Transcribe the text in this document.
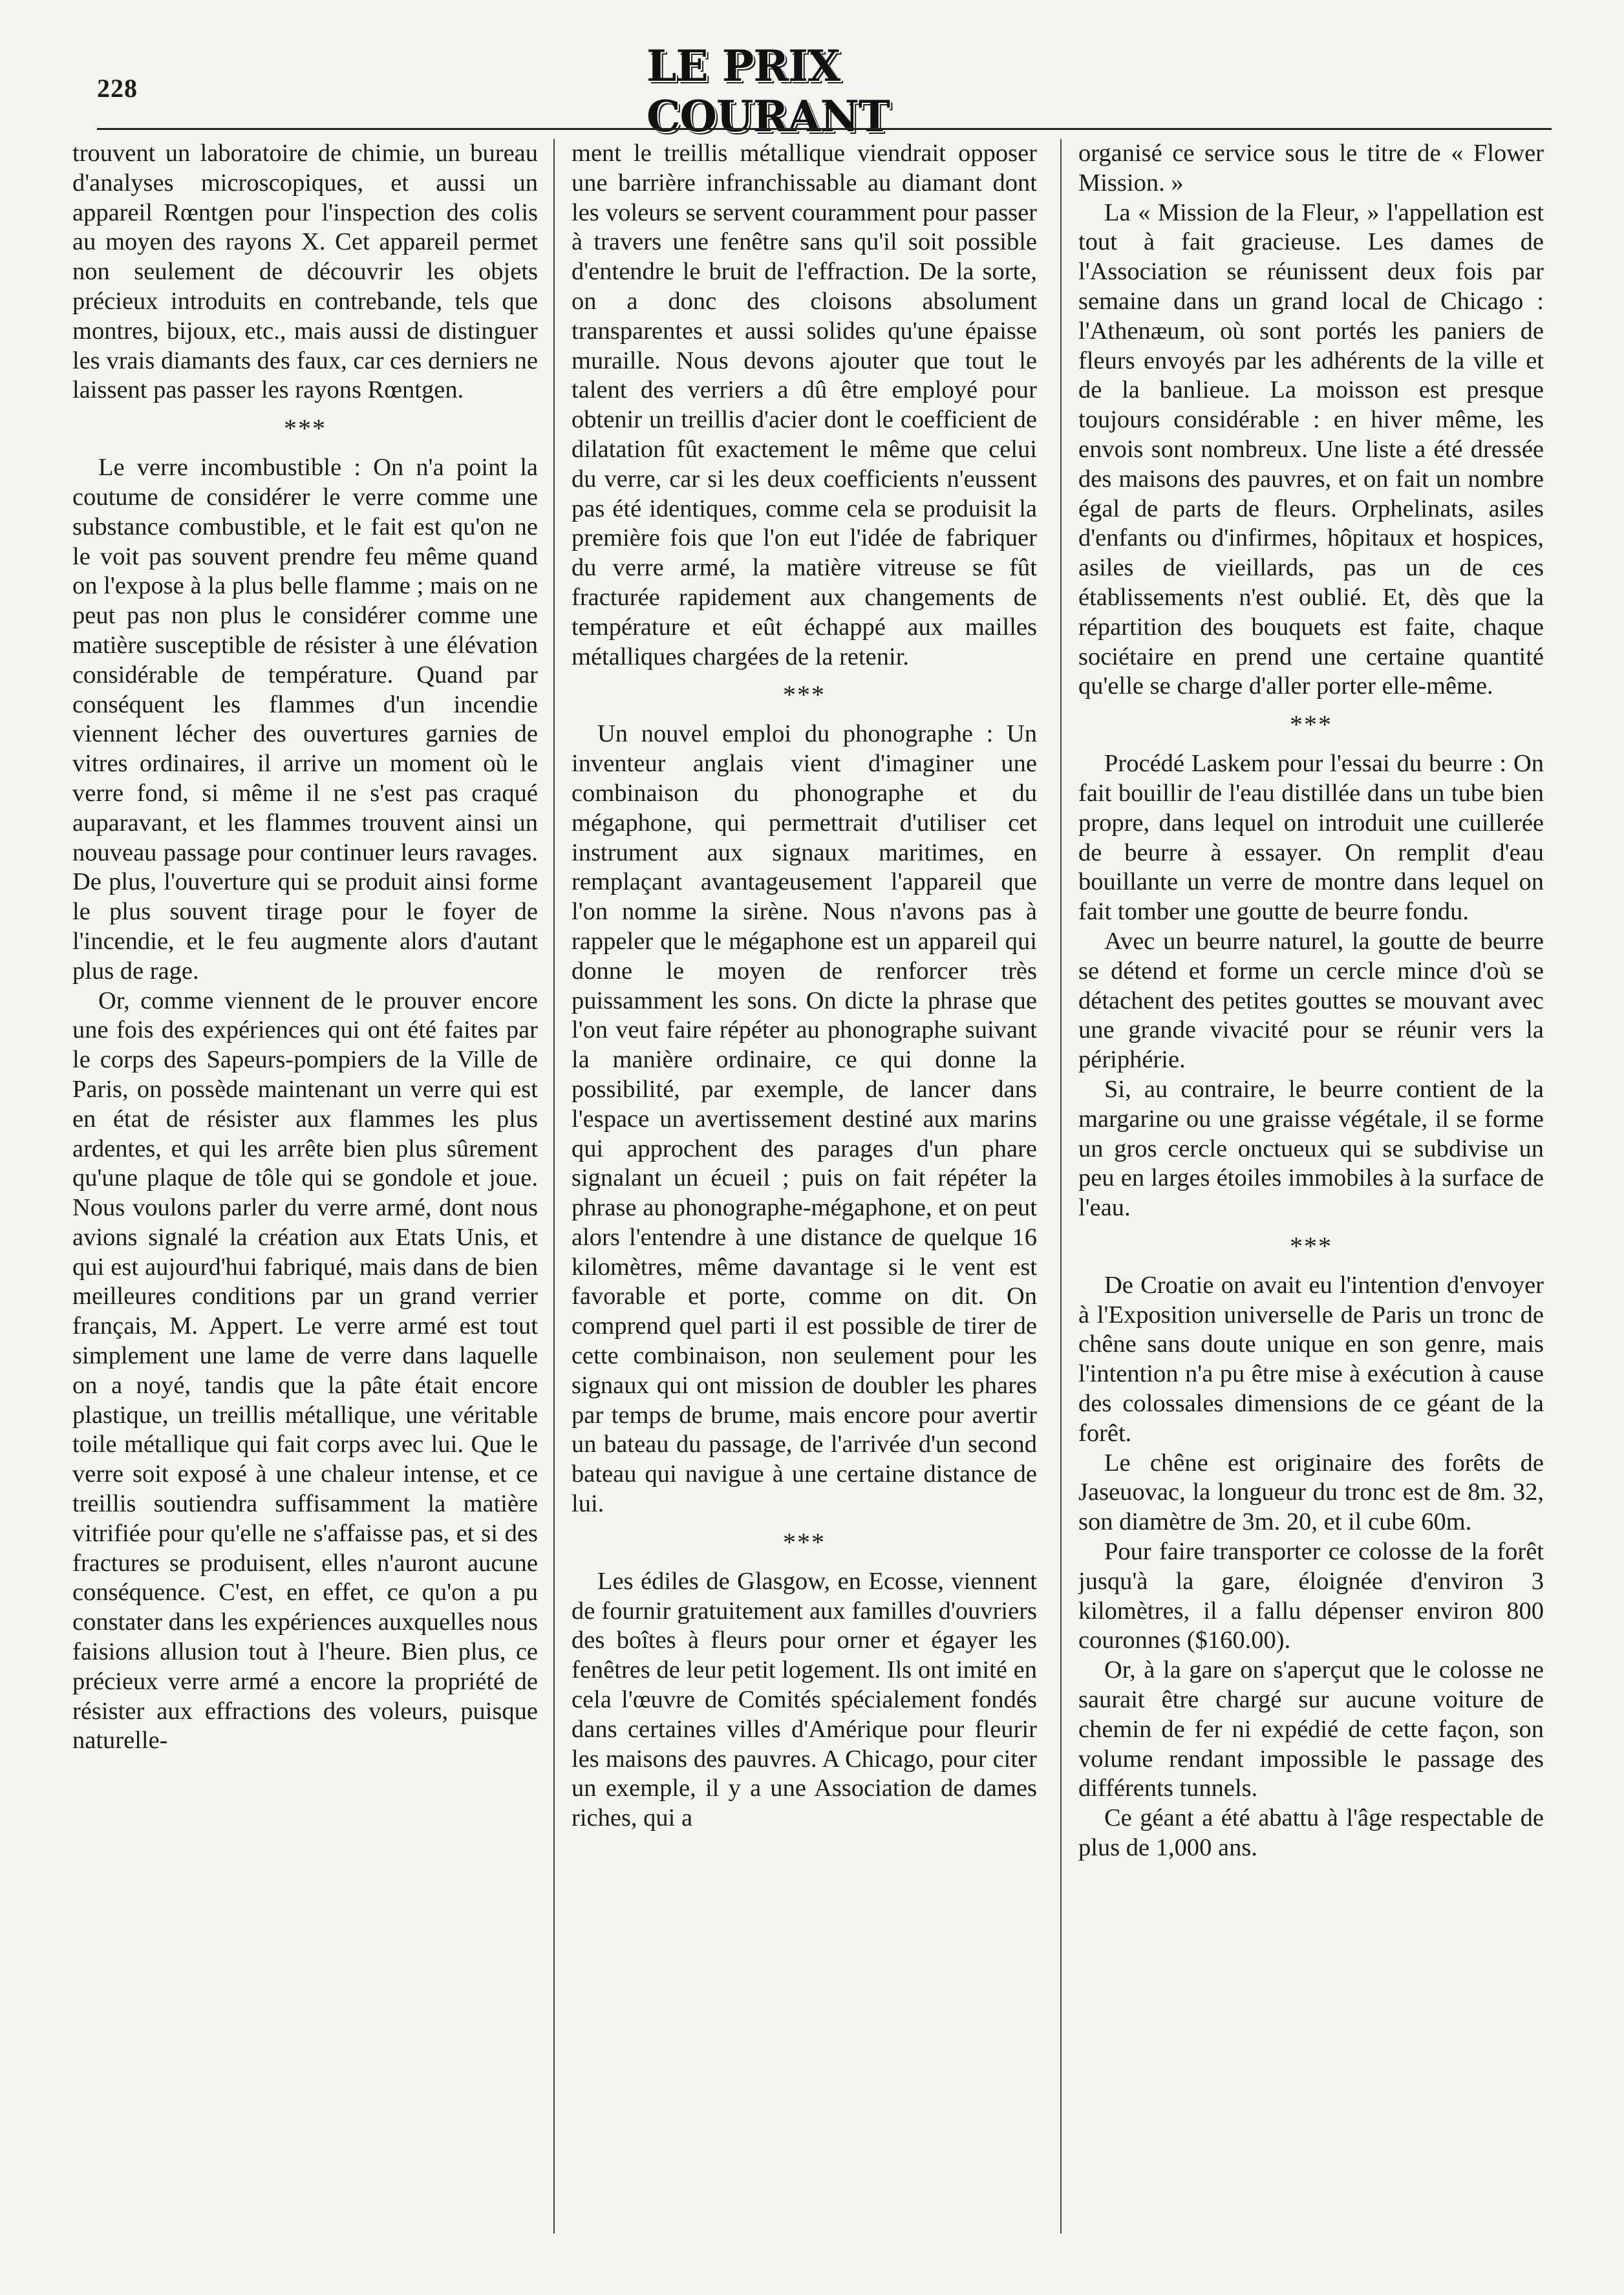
228	LE PRIX COURANT

trouvent un laboratoire de chimie, un bureau d'analyses microscopiques, et aussi un appareil Rœntgen pour l'inspection des colis au moyen des rayons X. Cet appareil permet non seulement de découvrir les objets précieux introduits en contrebande, tels que montres, bijoux, etc., mais aussi de distinguer les vrais diamants des faux, car ces derniers ne laissent pas passer les rayons Rœntgen.

***

Le verre incombustible : On n'a point la coutume de considérer le verre comme une substance combustible, et le fait est qu'on ne le voit pas souvent prendre feu même quand on l'expose à la plus belle flamme ; mais on ne peut pas non plus le considérer comme une matière susceptible de résister à une élévation considérable de température. Quand par conséquent les flammes d'un incendie viennent lécher des ouvertures garnies de vitres ordinaires, il arrive un moment où le verre fond, si même il ne s'est pas craqué auparavant, et les flammes trouvent ainsi un nouveau passage pour continuer leurs ravages. De plus, l'ouverture qui se produit ainsi forme le plus souvent tirage pour le foyer de l'incendie, et le feu augmente alors d'autant plus de rage.

Or, comme viennent de le prouver encore une fois des expériences qui ont été faites par le corps des Sapeurs-pompiers de la Ville de Paris, on possède maintenant un verre qui est en état de résister aux flammes les plus ardentes, et qui les arrête bien plus sûrement qu'une plaque de tôle qui se gondole et joue. Nous voulons parler du verre armé, dont nous avions signalé la création aux Etats Unis, et qui est aujourd'hui fabriqué, mais dans de bien meilleures conditions par un grand verrier français, M. Appert. Le verre armé est tout simplement une lame de verre dans laquelle on a noyé, tandis que la pâte était encore plastique, un treillis métallique, une véritable toile métallique qui fait corps avec lui. Que le verre soit exposé à une chaleur intense, et ce treillis soutiendra suffisamment la matière vitrifiée pour qu'elle ne s'affaisse pas, et si des fractures se produisent, elles n'auront aucune conséquence. C'est, en effet, ce qu'on a pu constater dans les expériences auxquelles nous faisions allusion tout à l'heure. Bien plus, ce précieux verre armé a encore la propriété de résister aux effractions des voleurs, puisque naturelle-

ment le treillis métallique viendrait opposer une barrière infranchissable au diamant dont les voleurs se servent couramment pour passer à travers une fenêtre sans qu'il soit possible d'entendre le bruit de l'effraction. De la sorte, on a donc des cloisons absolument transparentes et aussi solides qu'une épaisse muraille. Nous devons ajouter que tout le talent des verriers a dû être employé pour obtenir un treillis d'acier dont le coefficient de dilatation fût exactement le même que celui du verre, car si les deux coefficients n'eussent pas été identiques, comme cela se produisit la première fois que l'on eut l'idée de fabriquer du verre armé, la matière vitreuse se fût fracturée rapidement aux changements de température et eût échappé aux mailles métalliques chargées de la retenir.

***

Un nouvel emploi du phonographe : Un inventeur anglais vient d'imaginer une combinaison du phonographe et du mégaphone, qui permettrait d'utiliser cet instrument aux signaux maritimes, en remplaçant avantageusement l'appareil que l'on nomme la sirène. Nous n'avons pas à rappeler que le mégaphone est un appareil qui donne le moyen de renforcer très puissamment les sons. On dicte la phrase que l'on veut faire répéter au phonographe suivant la manière ordinaire, ce qui donne la possibilité, par exemple, de lancer dans l'espace un avertissement destiné aux marins qui approchent des parages d'un phare signalant un écueil ; puis on fait répéter la phrase au phonographe-mégaphone, et on peut alors l'entendre à une distance de quelque 16 kilomètres, même davantage si le vent est favorable et porte, comme on dit. On comprend quel parti il est possible de tirer de cette combinaison, non seulement pour les signaux qui ont mission de doubler les phares par temps de brume, mais encore pour avertir un bateau du passage, de l'arrivée d'un second bateau qui navigue à une certaine distance de lui.

***

Les édiles de Glasgow, en Ecosse, viennent de fournir gratuitement aux familles d'ouvriers des boîtes à fleurs pour orner et égayer les fenêtres de leur petit logement. Ils ont imité en cela l'œuvre de Comités spécialement fondés dans certaines villes d'Amérique pour fleurir les maisons des pauvres. A Chicago, pour citer un exemple, il y a une Association de dames riches, qui a

organisé ce service sous le titre de « Flower Mission. »

La « Mission de la Fleur, » l'appellation est tout à fait gracieuse. Les dames de l'Association se réunissent deux fois par semaine dans un grand local de Chicago : l'Athenæum, où sont portés les paniers de fleurs envoyés par les adhérents de la ville et de la banlieue. La moisson est presque toujours considérable : en hiver même, les envois sont nombreux. Une liste a été dressée des maisons des pauvres, et on fait un nombre égal de parts de fleurs. Orphelinats, asiles d'enfants ou d'infirmes, hôpitaux et hospices, asiles de vieillards, pas un de ces établissements n'est oublié. Et, dès que la répartition des bouquets est faite, chaque sociétaire en prend une certaine quantité qu'elle se charge d'aller porter elle-même.

***

Procédé Laskem pour l'essai du beurre : On fait bouillir de l'eau distillée dans un tube bien propre, dans lequel on introduit une cuillerée de beurre à essayer. On remplit d'eau bouillante un verre de montre dans lequel on fait tomber une goutte de beurre fondu.

Avec un beurre naturel, la goutte de beurre se détend et forme un cercle mince d'où se détachent des petites gouttes se mouvant avec une grande vivacité pour se réunir vers la périphérie.

Si, au contraire, le beurre contient de la margarine ou une graisse végétale, il se forme un gros cercle onctueux qui se subdivise un peu en larges étoiles immobiles à la surface de l'eau.

***

De Croatie on avait eu l'intention d'envoyer à l'Exposition universelle de Paris un tronc de chêne sans doute unique en son genre, mais l'intention n'a pu être mise à exécution à cause des colossales dimensions de ce géant de la forêt.

Le chêne est originaire des forêts de Jaseuovac, la longueur du tronc est de 8m. 32, son diamètre de 3m. 20, et il cube 60m.

Pour faire transporter ce colosse de la forêt jusqu'à la gare, éloignée d'environ 3 kilomètres, il a fallu dépenser environ 800 couronnes ($160.00).

Or, à la gare on s'aperçut que le colosse ne saurait être chargé sur aucune voiture de chemin de fer ni expédié de cette façon, son volume rendant impossible le passage des différents tunnels.

Ce géant a été abattu à l'âge respectable de plus de 1,000 ans.
